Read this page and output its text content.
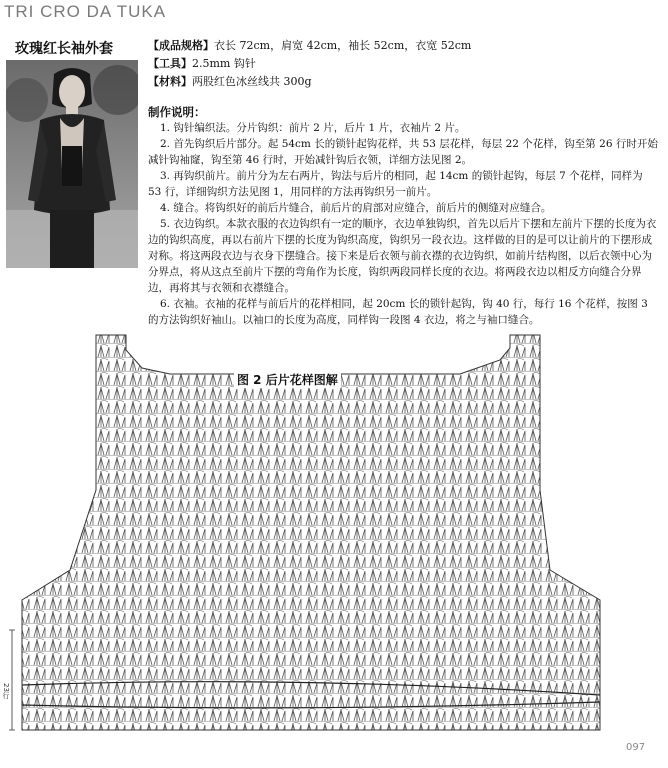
TRI CRO DA TUKA
玫瑰红长袖外套	【成品规格】衣长 72cm，肩宽 42cm，袖长 52cm，衣宽 52cm
【工具】2.5mm 钩针
【材料】两股红色冰丝线共 300g
制作说明：

1. 钩针编织法。分片钩织：前片 2 片，后片 1 片，衣袖片 2 片。

2. 首先钩织后片部分。起 54cm 长的锁针起钩花样，共 53 层花样，每层 22 个花样，钩至第 26 行时开始减针钩袖窿，钩至第 46 行时，开始减针钩后衣领，详细方法见图 2。

3. 再钩织前片。前片分为左右两片，钩法与后片的相同，起 14cm 的锁针起钩，每层 7 个花样，同样为 53 行，详细钩织方法见图 1，用同样的方法再钩织另一前片。

4. 缝合。将钩织好的前后片缝合，前后片的肩部对应缝合，前后片的侧缝对应缝合。

5. 衣边钩织。本款衣服的衣边钩织有一定的顺序，衣边单独钩织，首先以后片下摆和左前片下摆的长度为衣边的钩织高度，再以右前片下摆的长度为钩织高度，钩织另一段衣边。这样做的目的是可以让前片的下摆形成对称。将这两段衣边与衣身下摆缝合。接下来是后衣领与前衣襟的衣边钩织，如前片结构图，以后衣领中心为分界点，将从这点至前片下摆的弯角作为长度，钩织两段同样长度的衣边。将两段衣边以相反方向缝合分界边，再将其与衣领和衣襟缝合。

6. 衣袖。衣袖的花样与前后片的花样相同，起 20cm 长的锁针起钩，钩 40 行，每行 16 个花样，按图 3 的方法钩织好袖山。以袖口的长度为高度，同样钩一段图 4 衣边，将之与袖口缝合。

图 2 后片花样图解
23行
097
